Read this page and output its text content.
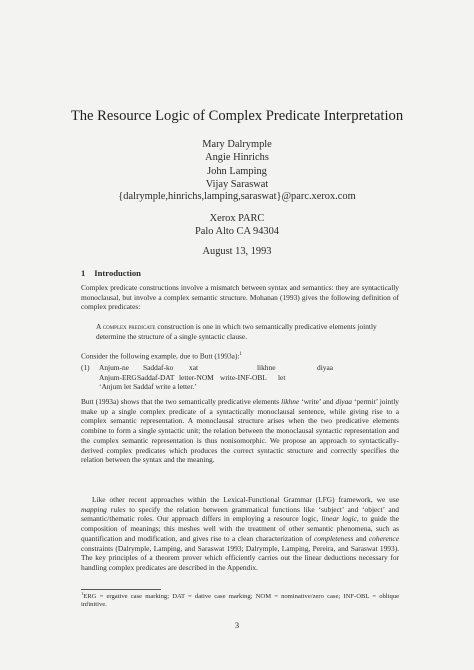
The Resource Logic of Complex Predicate Interpretation
Mary Dalrymple
Angie Hinrichs
John Lamping
Vijay Saraswat
{dalrymple,hinrichs,lamping,saraswat}@parc.xerox.com
Xerox PARC
Palo Alto CA 94304
August 13, 1993
1 Introduction
Complex predicate constructions involve a mismatch between syntax and semantics: they are syntactically monoclausal, but involve a complex semantic structure. Mohanan (1993) gives the following definition of complex predicates:
A complex predicate construction is one in which two semantically predicative elements jointly determine the structure of a single syntactic clause.
Consider the following example, due to Butt (1993a):$^1$
(1) Anjum-ne Saddaf-ko xat	likhne	diyaa
Anjum-ERG Saddaf-DAT letter-NOM write-INF-OBL let
‘Anjum let Saddaf write a letter.’
Butt (1993a) shows that the two semantically predicative elements likhne ‘write’ and diyaa ‘permit’ jointly make up a single complex predicate of a syntactically monoclausal sentence, while giving rise to a complex semantic representation. A monoclausal structure arises when the two predicative elements combine to form a single syntactic unit; the relation between the monoclausal syntactic representation and the complex semantic representation is thus nonisomorphic. We propose an approach to syntactically-derived complex predicates which produces the correct syntactic structure and correctly specifies the relation between the syntax and the meaning.
Like other recent approaches within the Lexical-Functional Grammar (LFG) framework, we use mapping rules to specify the relation between grammatical functions like ‘subject’ and ‘object’ and semantic/thematic roles. Our approach differs in employing a resource logic, linear logic, to guide the composition of meanings; this meshes well with the treatment of other semantic phenomena, such as quantification and modification, and gives rise to a clean characterization of completeness and coherence constraints (Dalrymple, Lamping, and Saraswat 1993; Dalrymple, Lamping, Pereira, and Saraswat 1993). The key principles of a theorem prover which efficiently carries out the linear deductions necessary for handling complex predicates are described in the Appendix.
$^1$ERG = ergative case marking; DAT = dative case marking; NOM = nominative/zero case; INF-OBL = oblique infinitive.
3
